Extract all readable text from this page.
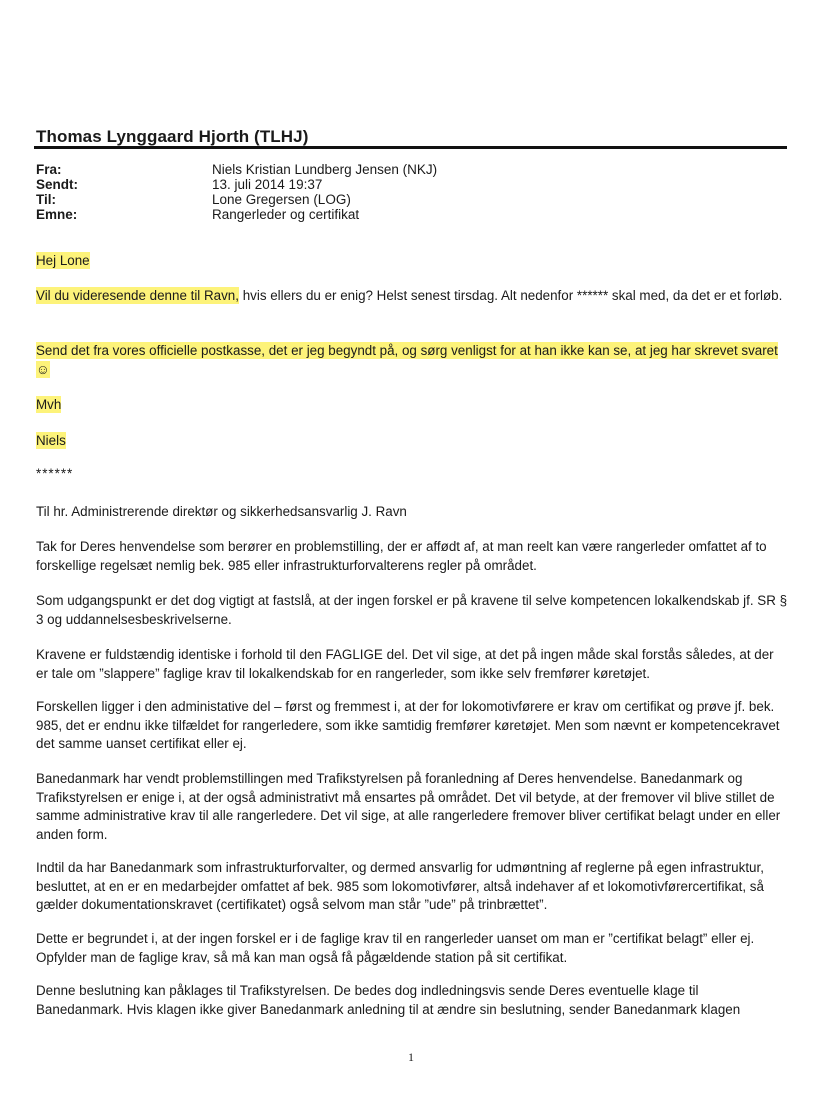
Thomas Lynggaard Hjorth (TLHJ)
Fra:	Niels Kristian Lundberg Jensen (NKJ)
Sendt:	13. juli 2014 19:37
Til:	Lone Gregersen (LOG)
Emne:	Rangerleder og certifikat
Hej Lone
Vil du videresende denne til Ravn, hvis ellers du er enig? Helst senest tirsdag. Alt nedenfor ****** skal med, da det er et forløb.
Send det fra vores officielle postkasse, det er jeg begyndt på, og sørg venligst for at han ikke kan se, at jeg har skrevet svaret ☺
Mvh
Niels
******
Til hr. Administrerende direktør og sikkerhedsansvarlig J. Ravn
Tak for Deres henvendelse som berører en problemstilling, der er affødt af, at man reelt kan være rangerleder omfattet af to forskellige regelsæt nemlig bek. 985 eller infrastrukturforvalterens regler på området.
Som udgangspunkt er det dog vigtigt at fastslå, at der ingen forskel er på kravene til selve kompetencen lokalkendskab jf. SR § 3 og uddannelsesbeskrivelserne.
Kravene er fuldstændig identiske i forhold til den FAGLIGE del. Det vil sige, at det på ingen måde skal forstås således, at der er tale om ”slappere” faglige krav til lokalkendskab for en rangerleder, som ikke selv fremfører køretøjet.
Forskellen ligger i den administative del – først og fremmest i, at der for lokomotivførere er krav om certifikat og prøve jf. bek. 985, det er endnu ikke tilfældet for rangerledere, som ikke samtidig fremfører køretøjet. Men som nævnt er kompetencekravet det samme uanset certifikat eller ej.
Banedanmark har vendt problemstillingen med Trafikstyrelsen på foranledning af Deres henvendelse. Banedanmark og Trafikstyrelsen er enige i, at der også administrativt må ensartes på området. Det vil betyde, at der fremover vil blive stillet de samme administrative krav til alle rangerledere. Det vil sige, at alle rangerledere fremover bliver certifikat belagt under en eller anden form.
Indtil da har Banedanmark som infrastrukturforvalter, og dermed ansvarlig for udmøntning af reglerne på egen infrastruktur, besluttet, at en er en medarbejder omfattet af bek. 985 som lokomotivfører, altså indehaver af et lokomotivførercertifikat, så gælder dokumentationskravet (certifikatet) også selvom man står ”ude” på trinbrættet”.
Dette er begrundet i, at der ingen forskel er i de faglige krav til en rangerleder uanset om man er ”certifikat belagt” eller ej. Opfylder man de faglige krav, så må kan man også få pågældende station på sit certifikat.
Denne beslutning kan påklages til Trafikstyrelsen. De bedes dog indledningsvis sende Deres eventuelle klage til Banedanmark. Hvis klagen ikke giver Banedanmark anledning til at ændre sin beslutning, sender Banedanmark klagen
1
